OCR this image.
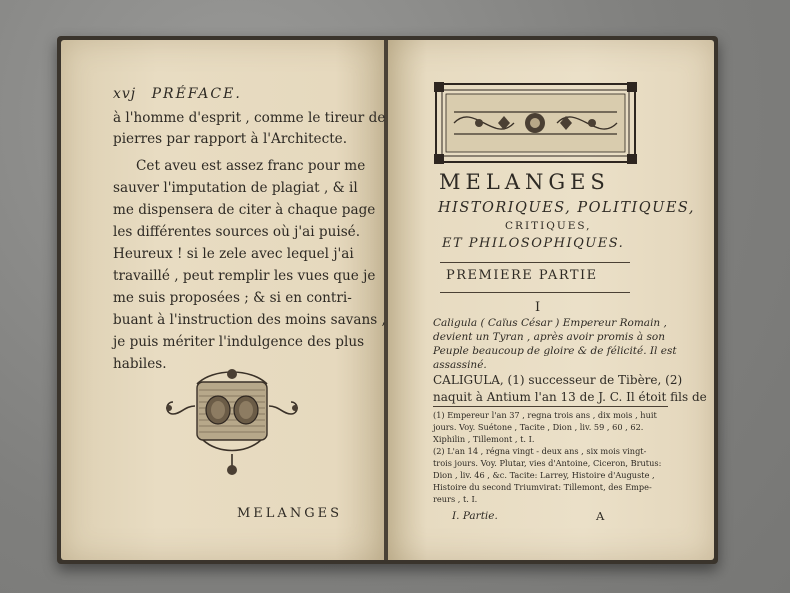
xvj PRÉFACE.
à l'homme d'esprit , comme le tireur de
pierres par rapport à l'Architecte.
Cet aveu est assez franc pour me
sauver l'imputation de plagiat , & il
me dispensera de citer à chaque page
les différentes sources où j'ai puisé.
Heureux ! si le zele avec lequel j'ai
travaillé , peut remplir les vues que je
me suis proposées ; & si en contri-
buant à l'instruction des moins savans ,
je puis mériter l'indulgence des plus
habiles.
MELANGES
MELANGES
HISTORIQUES, POLITIQUES,
CRITIQUES,
ET PHILOSOPHIQUES.
PREMIERE PARTIE
I
Caligula ( Caïus César ) Empereur Romain ,
devient un Tyran , après avoir promis à son
Peuple beaucoup de gloire & de félicité. Il est
assassiné.
CALIGULA, (1) successeur de Tibère, (2)
naquit à Antium l'an 13 de J. C. Il étoit fils de
(1) Empereur l'an 37 , regna trois ans , dix mois , huit
jours. Voy. Suétone , Tacite , Dion , liv. 59 , 60 , 62.
Xiphilin , Tillemont , t. I.
(2) L'an 14 , régna vingt - deux ans , six mois vingt-
trois jours. Voy. Plutar, vies d'Antoine, Ciceron, Brutus:
Dion , liv. 46 , &c. Tacite: Larrey, Histoire d'Auguste ,
Histoire du second Triumvirat: Tillemont, des Empe-
reurs , t. I.
I. Partie.	A
